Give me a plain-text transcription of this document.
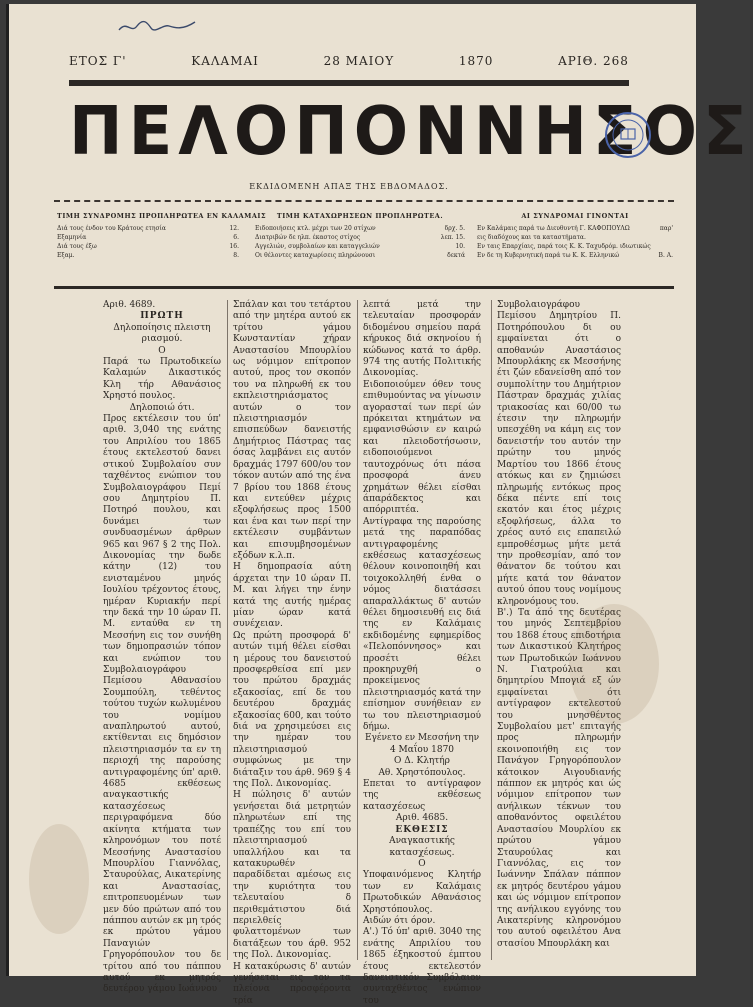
ΕΤΟΣ Γ'	ΚΑΛΑΜΑΙ	28 ΜΑΙΟΥ	1870	ΑΡΙΘ. 268
ΠΕΛΟΠΟΝΝΗΣΟΣ
ΕΚΔΙΔΟΜΕΝΗ ΑΠΑΞ ΤΗΣ ΕΒΔΟΜΑΔΟΣ.
ΤΙΜΗ ΣΥΝΔΡΟΜΗΣ ΠΡΟΠΛΗΡΩΤΕΑ ΕΝ ΚΑΛΑΜΑΙΣ
Διά τους ένδον του Κράτους ετησία	12.
Εξαμηνία	6.
Διά τους έξω	16.
Εξαμ.	8.
ΤΙΜΗ ΚΑΤΑΧΩΡΗΣΕΩΝ ΠΡΟΠΛΗΡΩΤΕΑ.
Ειδοποιήσεις κτλ. μέχρι των 20 στίχων	δρχ. 5.
Διατριβών δε ηλπ. έκαστος στίχος	λεπ. 15.
Αγγελιών, συμβολαίων και καταγγελιών	10.
Οι θέλοντες καταχωρίσεις πληρώνουσι	δεκτά
ΑΙ ΣΥΝΔΡΟΜΑΙ ΓΙΝΟΝΤΑΙ
Εν Καλάμαις παρά τω Διευθυντή Γ. ΚΑΦΟΠΟΥΛΩ	παρ'
εις διαδόχους και τα καταστήματα.
Εν ταις Επαρχίαις, παρά τοις Κ. Κ. Ταχυδρόμ. ιδιωτικώς
Εν δε τη Κυβερνητική παρά τω Κ. Κ. Ελληνικώ	Β. Α.

Αριθ. 4689.

ΠΡΩΤΗ

Δηλοποίησις πλειστη ριασμού.

Ο

Παρά τω Πρωτοδικείω Καλαμών Δικαστικός Κλη τήρ Αθανάσιος Χρηστό πουλος.

Δηλοποιώ ότι.

Προς εκτέλεσιν του ύπ' αριθ. 3,040 της ενάτης του Απριλίου του 1865 έτους εκτελεστού δανει στικού Συμβολαίου συν ταχθέντος ενώπιον του Συμβολαιογράφου Πεμί σου Δημητρίου Π. Ποτηρό πουλου, και δυνάμει των συνδυασμένων άρθρων 965 και 967 § 2 της Πολ. Δικονομίας την δωδε κάτην (12) του ενισταμένου μηνός Ιουλίου τρέχοντος έτους, ημέραν Κυριακήν περί την δεκά την 10 ώραν Π. Μ. ενταύθα εν τη Μεσσήνη εις τον συνήθη των δημοπρασιών τόπον και ενώπιον του Συμβολαιογράφου Πεμίσου Αθανασίου Σουμπούλη, τεθέντος τούτου τυχών κωλυμένου του νομίμου αναπληρωτού αυτού, εκτίθενται εις δημόσιον πλειστηριασμόν τα εν τη περιοχή της παρούσης αντιγραφομένης ύπ' αριθ. 4685 εκθέσεως αναγκαστικής κατασχέσεως περιγραφόμενα δύο ακίνητα κτήματα των κληρονόμων του ποτέ Μεσσήνης Αναστασίου Μπουρλίου Γιαννόλας, Σταυρούλας, Αικατερίνης και Αναστασίας, επιτροπευομένων των μεν δύο πρώτων από του πάππου αυτών εκ μη τρός εκ πρώτου γάμου Παναγιών Γρηγορόπουλον του δε τρίτου από του πάππου αυτού εκ μητρός δευτέρου γάμου Ιωάννου

Σπάλαν και του τετάρτου από την μητέρα αυτού εκ τρίτου γάμου Κωνσταντίαν χήραν Αναστασίου Μπουρλίου ως νόμιμον επίτροπον αυτού, προς τον σκοπόν του να πληρωθή εκ του εκπλειστηριάσματος αυτών ο τον πλειστηριασμόν επισπεύδων δανειστής Δημήτριος Πάστρας τας όσας λαμβάνει εις αυτόν δραχμάς 1797 600/ου τον τόκον αυτών από της ένα 7 βρίου του 1868 έτους και εντεύθεν μέχρις εξοφλήσεως προς 1500 και ένα και των περί την εκτέλεσιν συμβάντων και επισυμβησομένων εξόδων κ.λ.π.

Η δημοπρασία αύτη άρχεται την 10 ώραν Π. Μ. και λήγει την ένην κατά της αυτής ημέρας μίαν ώραν κατά συνέχειαν.

Ως πρώτη προσφορά δ' αυτών τιμή θέλει είσθαι η μέρους του δανειστού προσφερθείσα επί μεν του πρώτου δραχμάς εξακοσίας, επί δε του δευτέρου δραχμάς εξακοσίας 600, και τούτο διά να χρησιμεύσει εις την ημέραν του πλειστηριασμού συμφώνως με την διάταξιν του άρθ. 969 § 4 της Πολ. Δικονομίας.

Η πώλησις δ' αυτών γενήσεται διά μετρητών πληρωτέων επί της τραπέζης του επί του πλειστηριασμού υπαλλήλου και τα κατακυρωθέν παραδίδεται αμέσως εις την κυριότητα του τελευταίου δ περιθεμάτιστου διά περιελθείς φυλαττομένων των διατάξεων του άρθ. 952 της Πολ. Δικονομίας.

Η κατακύρωσις δ' αυτών γενήσεται εις τον τα πλείονα προσφέροντα τρία

λεπτά μετά την τελευταίαν προσφοράν διδομένου σημείου παρά κήρυκος διά σκηνοίου ή κώδωνος κατά το άρθρ. 974 της αυτής Πολιτικής Δικονομίας.

Ειδοποιούμεν όθεν τους επιθυμούντας να γίνωσιν αγορασταί των περί ών πρόκειται κτημάτων να εμφανισθώσιν εν καιρώ και πλειοδοτήσωσιν, ειδοποιούμενοι ταυτοχρόνως ότι πάσα προσφορά άνευ χρημάτων θέλει είσθαι άπαράδεκτος και απόρριπτέα.

Αντίγραφα της παρούσης μετά της παραπόδας αντιγραφομένης εκθέσεως κατασχέσεως θέλουν κοινοποιηθή και τοιχοκολληθή ένθα ο νόμος διατάσσει απαραλλάκτως δ' αυτών θέλει δημοσιευθή εις διά της εν Καλάμαις εκδιδομένης εφημερίδος «Πελοπόννησος» και προσέτι θέλει προκηρυχθή ο προκείμενος πλειστηριασμός κατά την επίσημον συνήθειαν εν τω του πλειστηριασμού δήμω.

Εγένετο εν Μεσσήνη την 4 Μαΐου 1870

Ο Δ. Κλητήρ

Αθ. Χρηστόπουλος.

Επεται το αντίγραφον της εκθέσεως κατασχέσεως

Αριθ. 4685.

ΕΚΘΕΣΙΣ

Αναγκαστικής κατασχέσεως.

Ο

Υποφαινόμενος Κλητήρ των εν Καλάμαις Πρωτοδικών Αθανάσιος Χρηστόπουλος.

Αιδών ότι όρον.

Α'.) Τό ύπ' αριθ. 3040 της ενάτης Απριλίου του 1865 έξηκοστού έμπτου έτους εκτελεστόν δανειστικόν Συμβόλαιον συνταχθέντος ενώπιον του

Συμβολαιογράφου Πεμίσου Δημητρίου Π. Ποτηρόπουλου δι ου εμφαίνεται ότι ο αποθανών Αναστάσιος Μπουρλάκης εκ Μεσσήνης έτι ζών εδανείσθη από τον συμπολίτην του Δημήτριον Πάστραν δραχμάς χιλίας τριακοσίας και 60/00 τω έτεσιν την πληρωμήν υπεσχέθη να κάμη εις τον δανειστήν του αυτόν την πρώτην του μηνός Μαρτίου του 1866 έτους ατόκως και εν ζημιώσει πληρωμής εντόκως προς δέκα πέντε επί τοις εκατόν και έτος μέχρις εξοφλήσεως, άλλα το χρέος αυτό εις επαπειλώ εμπροθέσμως μήτε μετά την προθεσμίαν, από τον θάνατον δε τούτου και μήτε κατά τον θάνατον αυτού όπου τους νομίμους κληρονόμους του.

Β'.) Τα άπό της δευτέρας του μηνός Σεπτεμβρίου του 1868 έτους επιδοτήρια των Δικαστικού Κλητήρος των Πρωτοδικών Ιωάννου Ν. Γιατρούλια και δημητρίου Μπογιά εξ ών εμφαίνεται ότι αντίγραφον εκτελεστού του μνησθέντος Συμβολαίου μετ' επιταγής προς πληρωμήν εκοινοποιήθη εις τον Πανάγον Γρηγορόπουλον κάτοικον Αιγουδιανής πάππον εκ μητρός και ώς νόμιμον επίτροπον των ανήλικων τέκνων του αποθανόντος οφειλέτου Αναστασίου Μουρλίου εκ πρώτου γάμου Σταυρούλας και Γιαννόλας, εις τον Ιωάννην Σπάλαν πάππον εκ μητρός δευτέρου γάμου και ώς νόμιμον επίτροπον της ανήλικου εγγόνης του Αικατερίνης κληρονόμου του αυτού οφειλέτου Ανα στασίου Μπουρλάκη και
